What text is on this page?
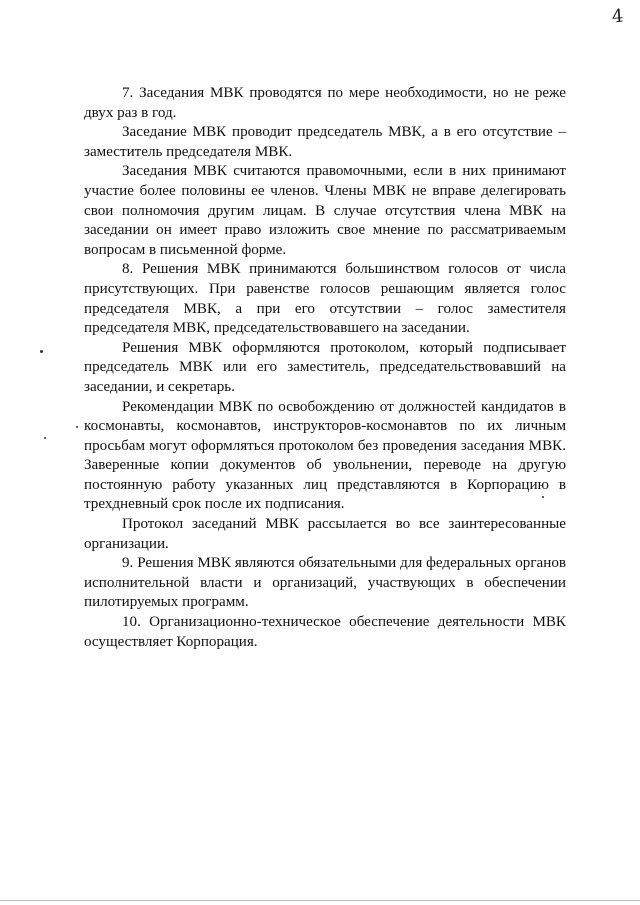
4

7. Заседания МВК проводятся по мере необходимости, но не реже двух раз в год.

Заседание МВК проводит председатель МВК, а в его отсутствие – заместитель председателя МВК.

Заседания МВК считаются правомочными, если в них принимают участие более половины ее членов. Члены МВК не вправе делегировать свои полномочия другим лицам. В случае отсутствия члена МВК на заседании он имеет право изложить свое мнение по рассматриваемым вопросам в письменной форме.

8. Решения МВК принимаются большинством голосов от числа присутствующих. При равенстве голосов решающим является голос председателя МВК, а при его отсутствии – голос заместителя председателя МВК, председательствовавшего на заседании.

Решения МВК оформляются протоколом, который подписывает председатель МВК или его заместитель, председательствовавший на заседании, и секретарь.

Рекомендации МВК по освобождению от должностей кандидатов в космонавты, космонавтов, инструкторов-космонавтов по их личным просьбам могут оформляться протоколом без проведения заседания МВК. Заверенные копии документов об увольнении, переводе на другую постоянную работу указанных лиц представляются в Корпорацию в трехдневный срок после их подписания.

Протокол заседаний МВК рассылается во все заинтересованные организации.

9. Решения МВК являются обязательными для федеральных органов исполнительной власти и организаций, участвующих в обеспечении пилотируемых программ.

10. Организационно-техническое обеспечение деятельности МВК осуществляет Корпорация.
